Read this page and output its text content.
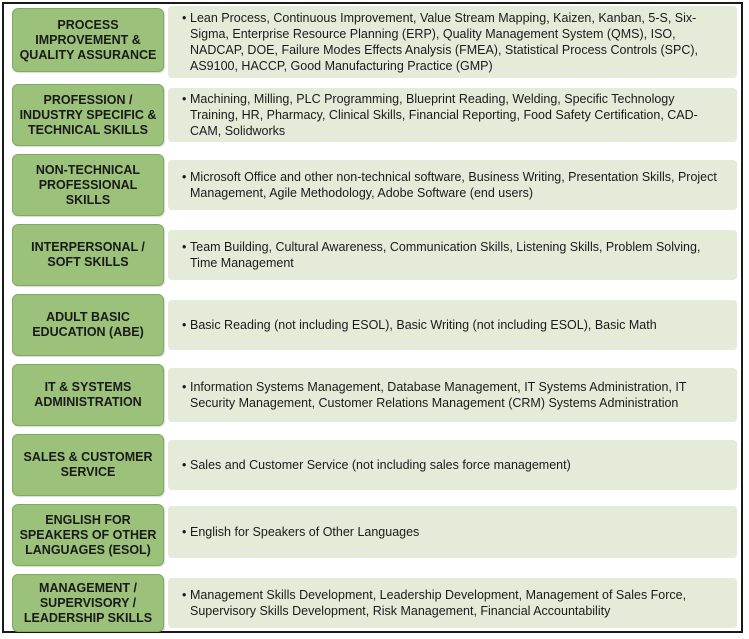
PROCESS IMPROVEMENT & QUALITY ASSURANCE

• Lean Process, Continuous Improvement, Value Stream Mapping, Kaizen, Kanban, 5-S, Six-Sigma, Enterprise Resource Planning (ERP), Quality Management System (QMS), ISO, NADCAP, DOE, Failure Modes Effects Analysis (FMEA), Statistical Process Controls (SPC), AS9100, HACCP, Good Manufacturing Practice (GMP)

PROFESSION / INDUSTRY SPECIFIC & TECHNICAL SKILLS

• Machining, Milling, PLC Programming, Blueprint Reading, Welding, Specific Technology Training, HR, Pharmacy, Clinical Skills, Financial Reporting, Food Safety Certification, CAD-CAM, Solidworks

NON-TECHNICAL PROFESSIONAL SKILLS

• Microsoft Office and other non-technical software, Business Writing, Presentation Skills, Project Management, Agile Methodology, Adobe Software (end users)

INTERPERSONAL / SOFT SKILLS

• Team Building, Cultural Awareness, Communication Skills, Listening Skills, Problem Solving, Time Management

ADULT BASIC EDUCATION (ABE)	• Basic Reading (not including ESOL), Basic Writing (not including ESOL), Basic Math

IT & SYSTEMS ADMINISTRATION

• Information Systems Management, Database Management, IT Systems Administration, IT Security Management, Customer Relations Management (CRM) Systems Administration

SALES & CUSTOMER SERVICE	• Sales and Customer Service (not including sales force management)

ENGLISH FOR SPEAKERS OF OTHER LANGUAGES (ESOL)

• English for Speakers of Other Languages

MANAGEMENT / SUPERVISORY / LEADERSHIP SKILLS

• Management Skills Development, Leadership Development, Management of Sales Force, Supervisory Skills Development, Risk Management, Financial Accountability
